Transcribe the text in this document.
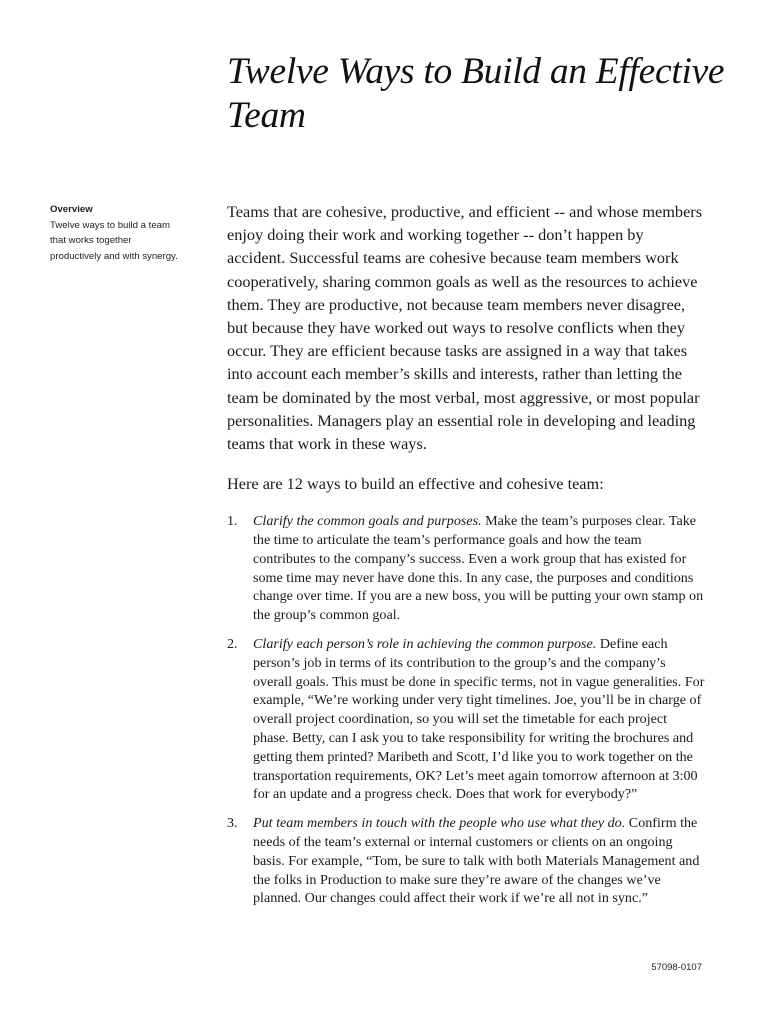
Twelve Ways to Build an Effective Team
Overview
Twelve ways to build a team that works together productively and with synergy.

Teams that are cohesive, productive, and efficient -- and whose members enjoy doing their work and working together -- don’t happen by accident. Successful teams are cohesive because team members work cooperatively, sharing common goals as well as the resources to achieve them. They are productive, not because team members never disagree, but because they have worked out ways to resolve conflicts when they occur. They are efficient because tasks are assigned in a way that takes into account each member’s skills and interests, rather than letting the team be dominated by the most verbal, most aggressive, or most popular personalities. Managers play an essential role in developing and leading teams that work in these ways.

Here are 12 ways to build an effective and cohesive team:

1. Clarify the common goals and purposes. Make the team’s purposes clear. Take the time to articulate the team’s performance goals and how the team contributes to the company’s success. Even a work group that has existed for some time may never have done this. In any case, the purposes and conditions change over time. If you are a new boss, you will be putting your own stamp on the group’s common goal.
2. Clarify each person’s role in achieving the common purpose. Define each person’s job in terms of its contribution to the group’s and the company’s overall goals. This must be done in specific terms, not in vague generalities. For example, “We’re working under very tight timelines. Joe, you’ll be in charge of overall project coordination, so you will set the timetable for each project phase. Betty, can I ask you to take responsibility for writing the brochures and getting them printed? Maribeth and Scott, I’d like you to work together on the transportation requirements, OK? Let’s meet again tomorrow afternoon at 3:00 for an update and a progress check. Does that work for everybody?”
3. Put team members in touch with the people who use what they do. Confirm the needs of the team’s external or internal customers or clients on an ongoing basis. For example, “Tom, be sure to talk with both Materials Management and the folks in Production to make sure they’re aware of the changes we’ve planned. Our changes could affect their work if we’re all not in sync.”
57098-0107
